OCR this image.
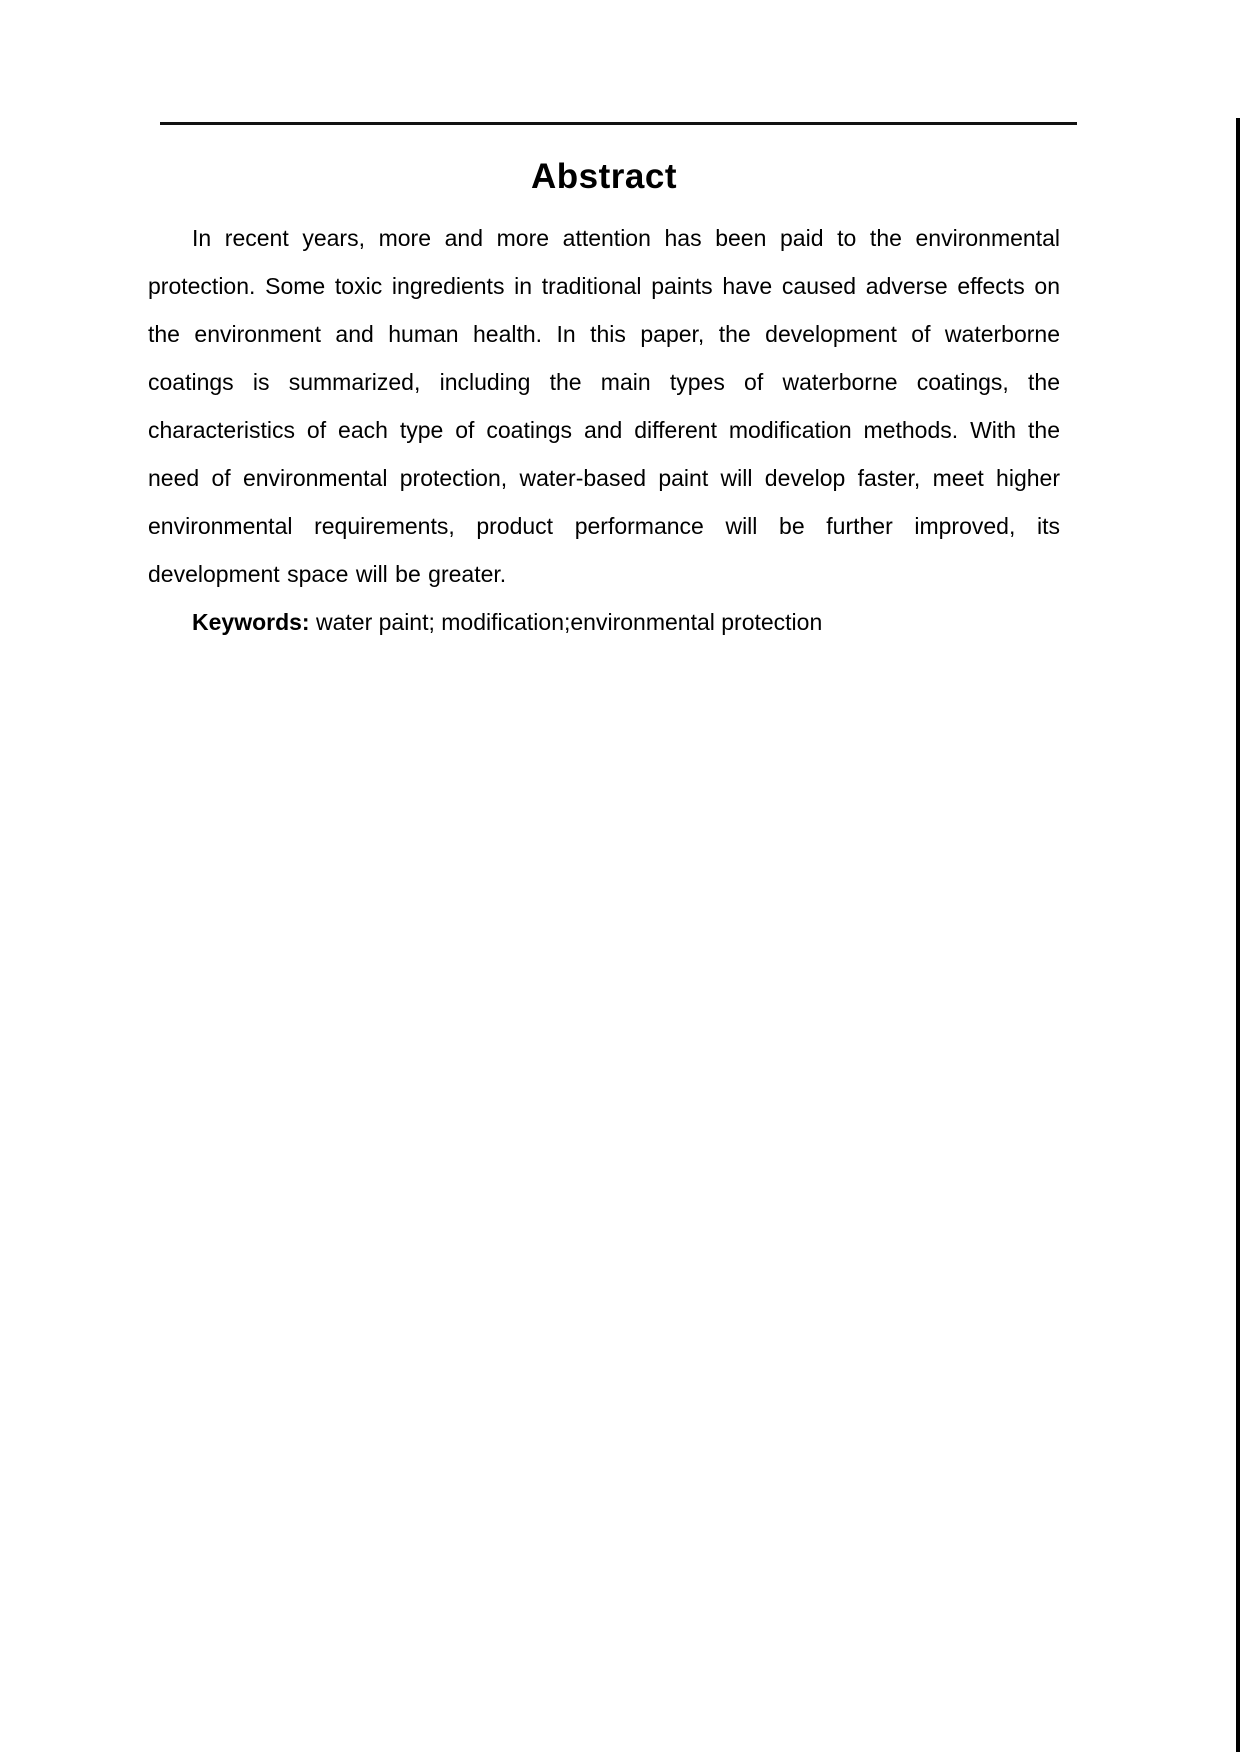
Abstract

In recent years, more and more attention has been paid to the environmental protection. Some toxic ingredients in traditional paints have caused adverse effects on the environment and human health. In this paper, the development of waterborne coatings is summarized, including the main types of waterborne coatings, the characteristics of each type of coatings and different modification methods. With the need of environmental protection, water-based paint will develop faster, meet higher environmental requirements, product performance will be further improved, its development space will be greater.

Keywords: water paint; modification;environmental protection
